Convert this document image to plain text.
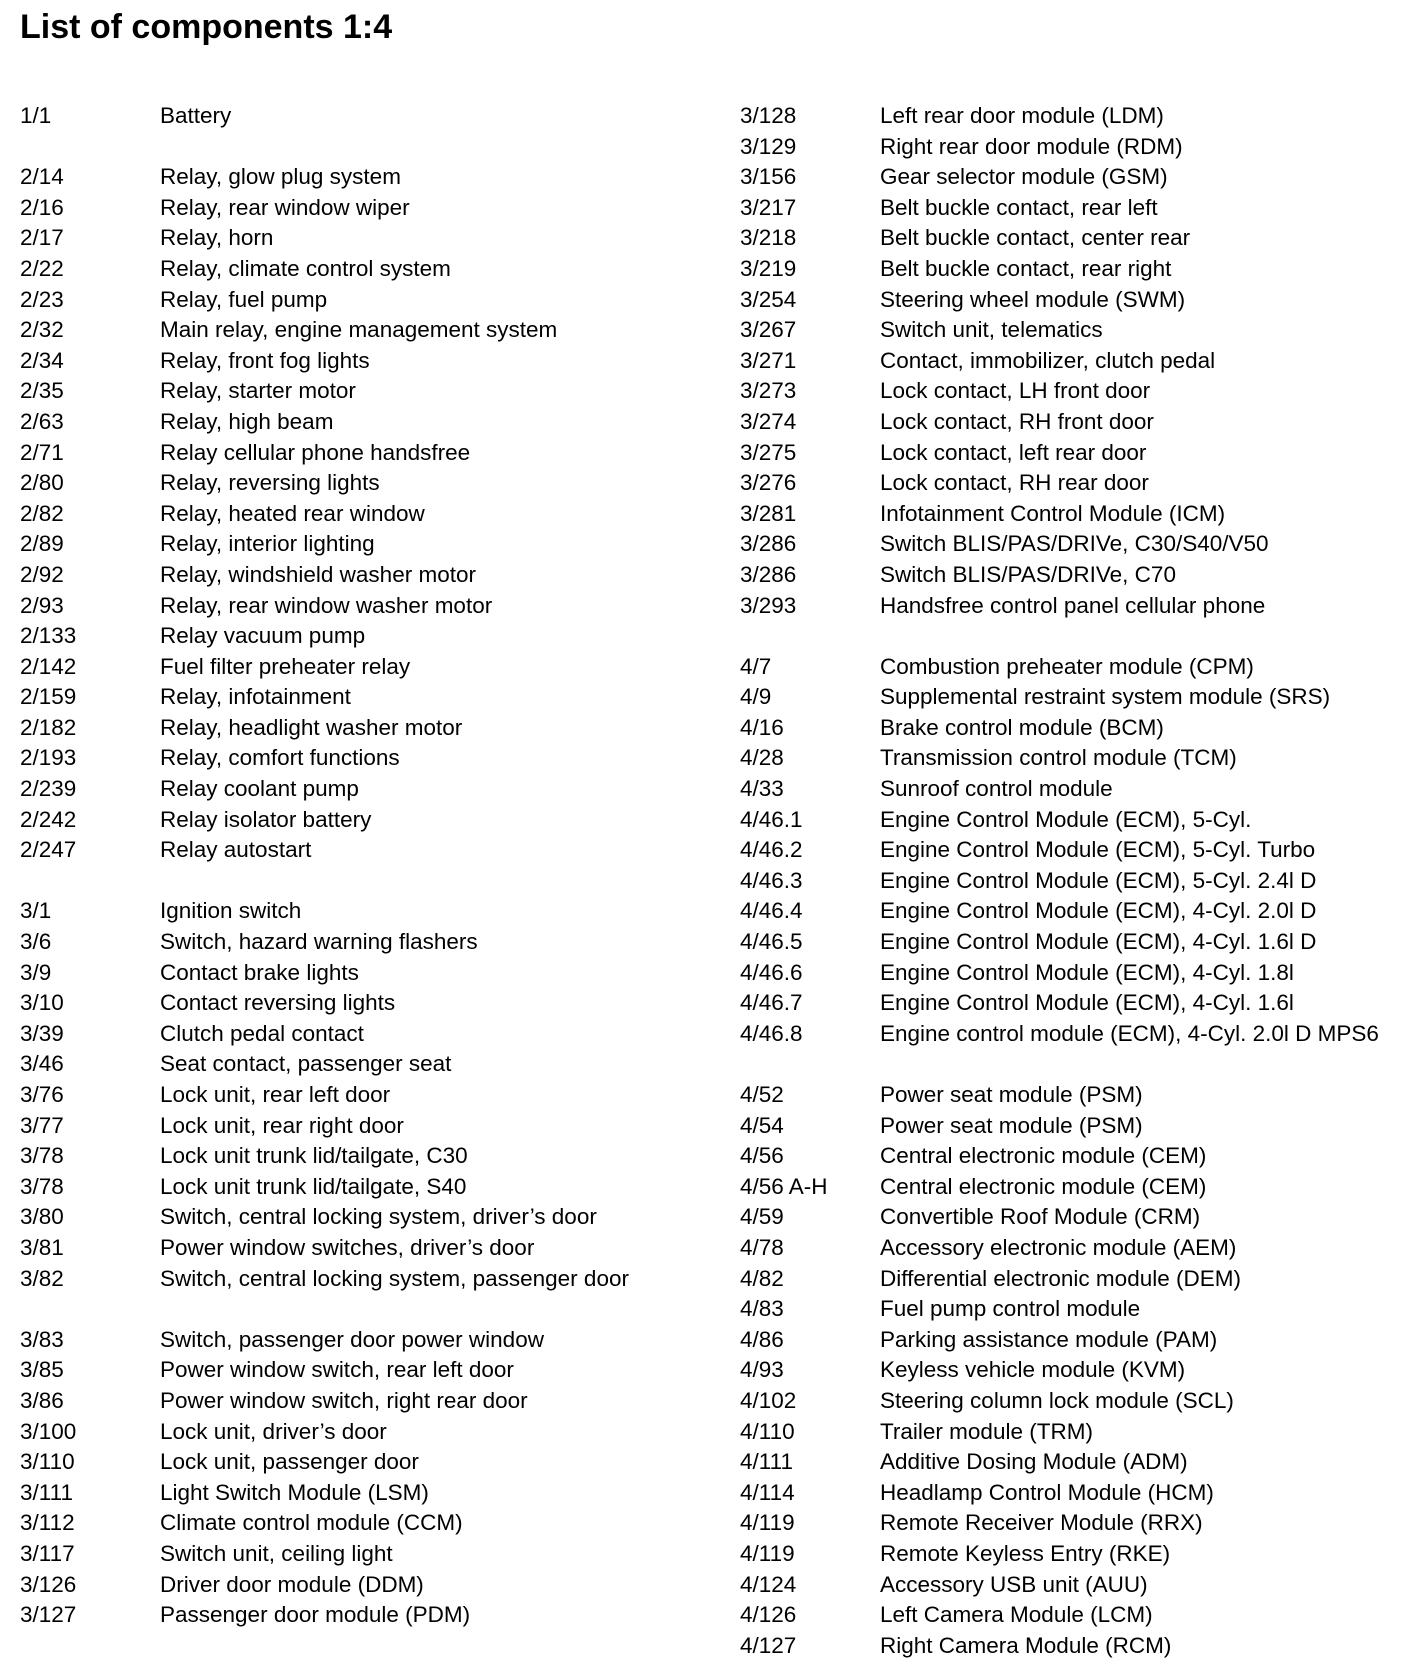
List of components 1:4
1/1	Battery
2/14	Relay, glow plug system
2/16	Relay, rear window wiper
2/17	Relay, horn
2/22	Relay, climate control system
2/23	Relay, fuel pump
2/32	Main relay, engine management system
2/34	Relay, front fog lights
2/35	Relay, starter motor
2/63	Relay, high beam
2/71	Relay cellular phone handsfree
2/80	Relay, reversing lights
2/82	Relay, heated rear window
2/89	Relay, interior lighting
2/92	Relay, windshield washer motor
2/93	Relay, rear window washer motor
2/133	Relay vacuum pump
2/142	Fuel filter preheater relay
2/159	Relay, infotainment
2/182	Relay, headlight washer motor
2/193	Relay, comfort functions
2/239	Relay coolant pump
2/242	Relay isolator battery
2/247	Relay autostart
3/1	Ignition switch
3/6	Switch, hazard warning flashers
3/9	Contact brake lights
3/10	Contact reversing lights
3/39	Clutch pedal contact
3/46	Seat contact, passenger seat
3/76	Lock unit, rear left door
3/77	Lock unit, rear right door
3/78	Lock unit trunk lid/tailgate, C30
3/78	Lock unit trunk lid/tailgate, S40
3/80	Switch, central locking system, driver’s door
3/81	Power window switches, driver’s door
3/82	Switch, central locking system, passenger door
3/83	Switch, passenger door power window
3/85	Power window switch, rear left door
3/86	Power window switch, right rear door
3/100	Lock unit, driver’s door
3/110	Lock unit, passenger door
3/111	Light Switch Module (LSM)
3/112	Climate control module (CCM)
3/117	Switch unit, ceiling light
3/126	Driver door module (DDM)
3/127	Passenger door module (PDM)
3/128	Left rear door module (LDM)
3/129	Right rear door module (RDM)
3/156	Gear selector module (GSM)
3/217	Belt buckle contact, rear left
3/218	Belt buckle contact, center rear
3/219	Belt buckle contact, rear right
3/254	Steering wheel module (SWM)
3/267	Switch unit, telematics
3/271	Contact, immobilizer, clutch pedal
3/273	Lock contact, LH front door
3/274	Lock contact, RH front door
3/275	Lock contact, left rear door
3/276	Lock contact, RH rear door
3/281	Infotainment Control Module (ICM)
3/286	Switch BLIS/PAS/DRIVe, C30/S40/V50
3/286	Switch BLIS/PAS/DRIVe, C70
3/293	Handsfree control panel cellular phone
4/7	Combustion preheater module (CPM)
4/9	Supplemental restraint system module (SRS)
4/16	Brake control module (BCM)
4/28	Transmission control module (TCM)
4/33	Sunroof control module
4/46.1	Engine Control Module (ECM), 5-Cyl.
4/46.2	Engine Control Module (ECM), 5-Cyl. Turbo
4/46.3	Engine Control Module (ECM), 5-Cyl. 2.4l D
4/46.4	Engine Control Module (ECM), 4-Cyl. 2.0l D
4/46.5	Engine Control Module (ECM), 4-Cyl. 1.6l D
4/46.6	Engine Control Module (ECM), 4-Cyl. 1.8l
4/46.7	Engine Control Module (ECM), 4-Cyl. 1.6l
4/46.8	Engine control module (ECM), 4-Cyl. 2.0l D MPS6
4/52	Power seat module (PSM)
4/54	Power seat module (PSM)
4/56	Central electronic module (CEM)
4/56 A-H	Central electronic module (CEM)
4/59	Convertible Roof Module (CRM)
4/78	Accessory electronic module (AEM)
4/82	Differential electronic module (DEM)
4/83	Fuel pump control module
4/86	Parking assistance module (PAM)
4/93	Keyless vehicle module (KVM)
4/102	Steering column lock module (SCL)
4/110	Trailer module (TRM)
4/111	Additive Dosing Module (ADM)
4/114	Headlamp Control Module (HCM)
4/119	Remote Receiver Module (RRX)
4/119	Remote Keyless Entry (RKE)
4/124	Accessory USB unit (AUU)
4/126	Left Camera Module (LCM)
4/127	Right Camera Module (RCM)
